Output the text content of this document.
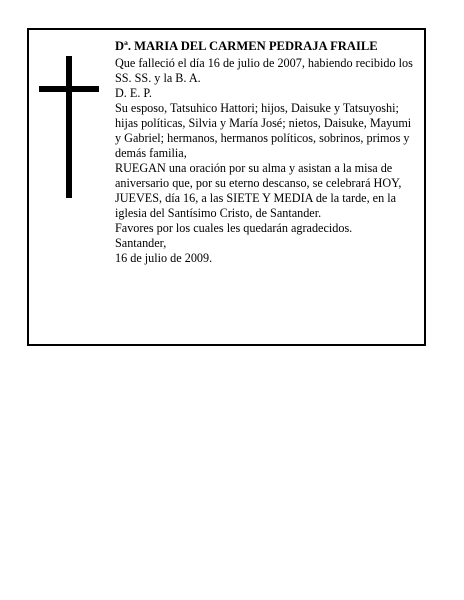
Dª. MARIA DEL CARMEN PEDRAJA FRAILE

Que falleció el día 16 de julio de 2007, habiendo recibido los SS. SS. y la B. A.

D. E. P.

Su esposo, Tatsuhico Hattori; hijos, Daisuke y Tatsuyoshi; hijas políticas, Silvia y María José; nietos, Daisuke, Mayumi y Gabriel; hermanos, hermanos políticos, sobrinos, primos y demás familia,

RUEGAN una oración por su alma y asistan a la misa de aniversario que, por su eterno descanso, se celebrará HOY, JUEVES, día 16, a las SIETE Y MEDIA de la tarde, en la iglesia del Santísimo Cristo, de Santander.

Favores por los cuales les quedarán agradecidos.

Santander,

16 de julio de 2009.
